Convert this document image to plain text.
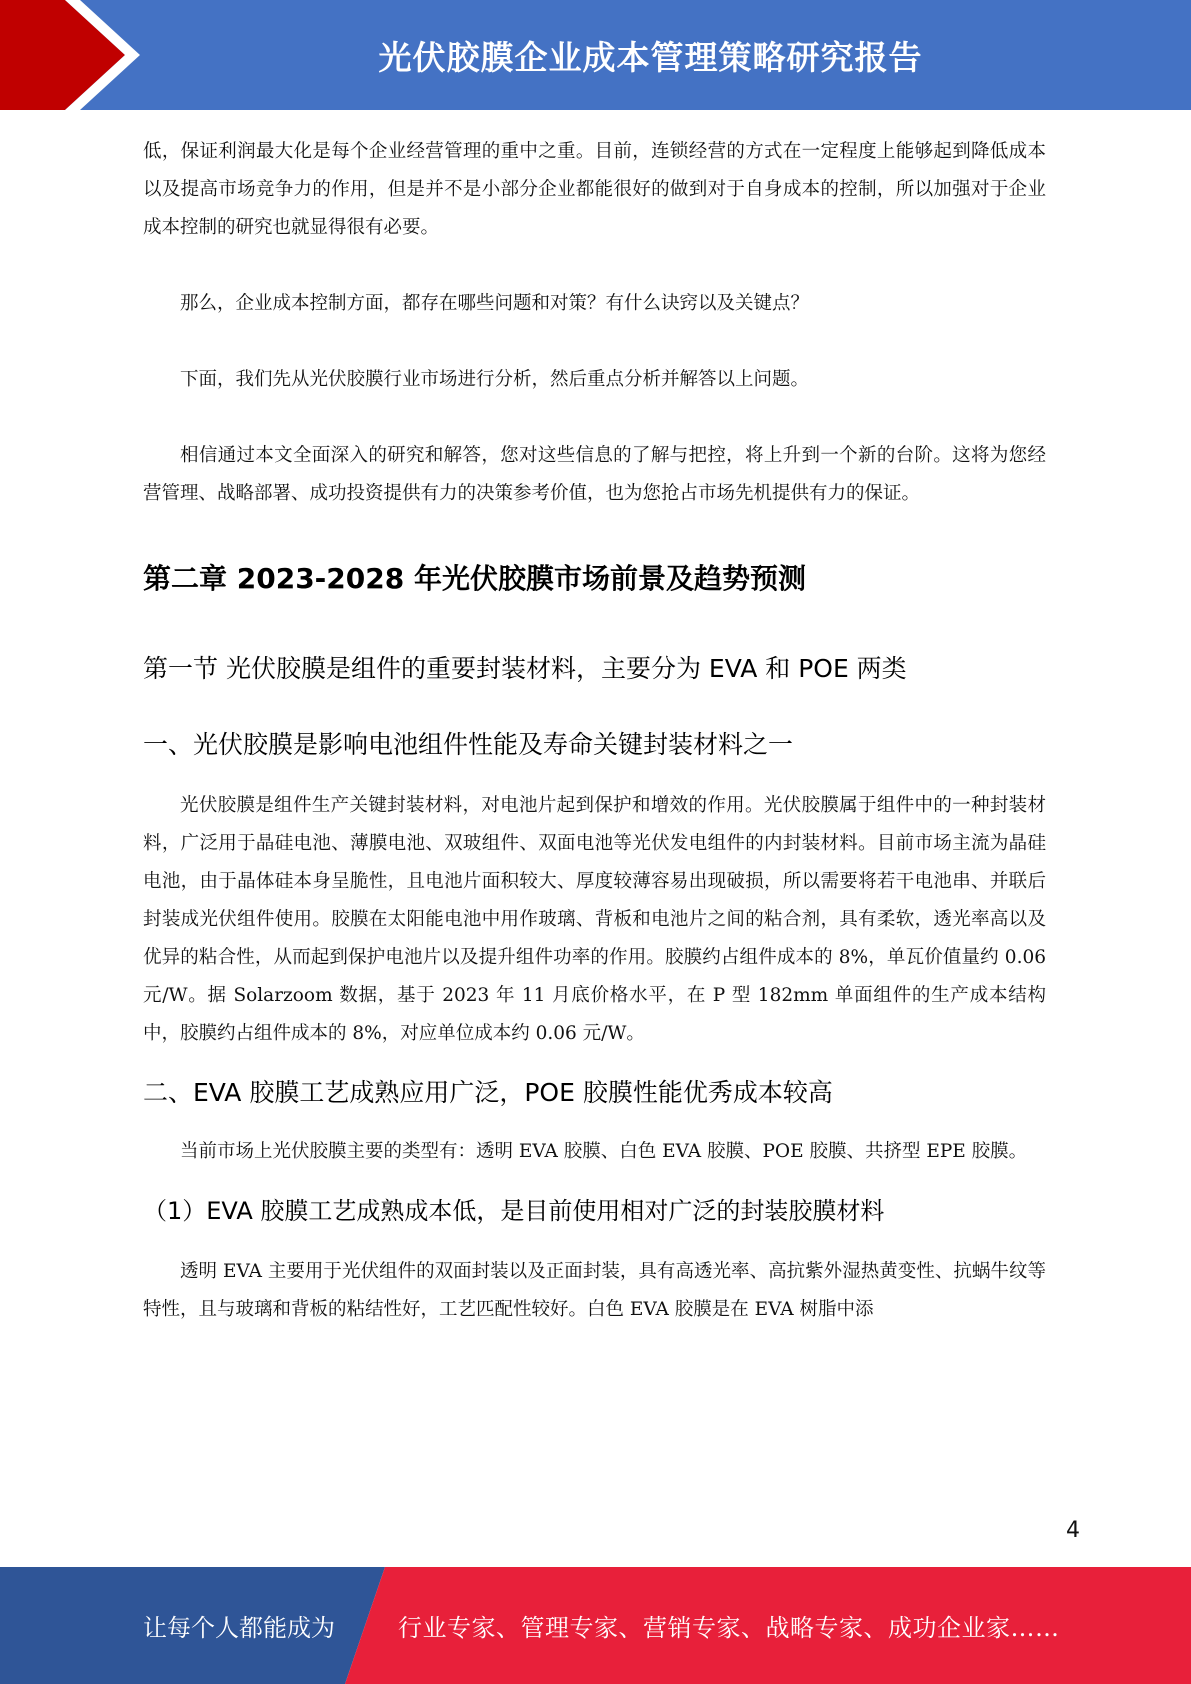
光伏胶膜企业成本管理策略研究报告

低，保证利润最大化是每个企业经营管理的重中之重。目前，连锁经营的方式在一定程度上能够起到降低成本以及提高市场竞争力的作用，但是并不是小部分企业都能很好的做到对于自身成本的控制，所以加强对于企业成本控制的研究也就显得很有必要。

那么，企业成本控制方面，都存在哪些问题和对策？有什么诀窍以及关键点？

下面，我们先从光伏胶膜行业市场进行分析，然后重点分析并解答以上问题。

相信通过本文全面深入的研究和解答，您对这些信息的了解与把控，将上升到一个新的台阶。这将为您经营管理、战略部署、成功投资提供有力的决策参考价值，也为您抢占市场先机提供有力的保证。

第二章 2023-2028 年光伏胶膜市场前景及趋势预测
第一节 光伏胶膜是组件的重要封装材料，主要分为 EVA 和 POE 两类
一、光伏胶膜是影响电池组件性能及寿命关键封装材料之一

光伏胶膜是组件生产关键封装材料，对电池片起到保护和增效的作用。光伏胶膜属于组件中的一种封装材料，广泛用于晶硅电池、薄膜电池、双玻组件、双面电池等光伏发电组件的内封装材料。目前市场主流为晶硅电池，由于晶体硅本身呈脆性，且电池片面积较大、厚度较薄容易出现破损，所以需要将若干电池串、并联后封装成光伏组件使用。胶膜在太阳能电池中用作玻璃、背板和电池片之间的粘合剂，具有柔软，透光率高以及优异的粘合性，从而起到保护电池片以及提升组件功率的作用。胶膜约占组件成本的 8%，单瓦价值量约 0.06 元/W。据 Solarzoom 数据，基于 2023 年 11 月底价格水平，在 P 型 182mm 单面组件的生产成本结构中，胶膜约占组件成本的 8%，对应单位成本约 0.06 元/W。

二、EVA 胶膜工艺成熟应用广泛，POE 胶膜性能优秀成本较高

当前市场上光伏胶膜主要的类型有：透明 EVA 胶膜、白色 EVA 胶膜、POE 胶膜、共挤型 EPE 胶膜。

（1）EVA 胶膜工艺成熟成本低，是目前使用相对广泛的封装胶膜材料

透明 EVA 主要用于光伏组件的双面封装以及正面封装，具有高透光率、高抗紫外湿热黄变性、抗蜗牛纹等特性，且与玻璃和背板的粘结性好，工艺匹配性较好。白色 EVA 胶膜是在 EVA 树脂中添

4
让每个人都能成为	行业专家、管理专家、营销专家、战略专家、成功企业家……
